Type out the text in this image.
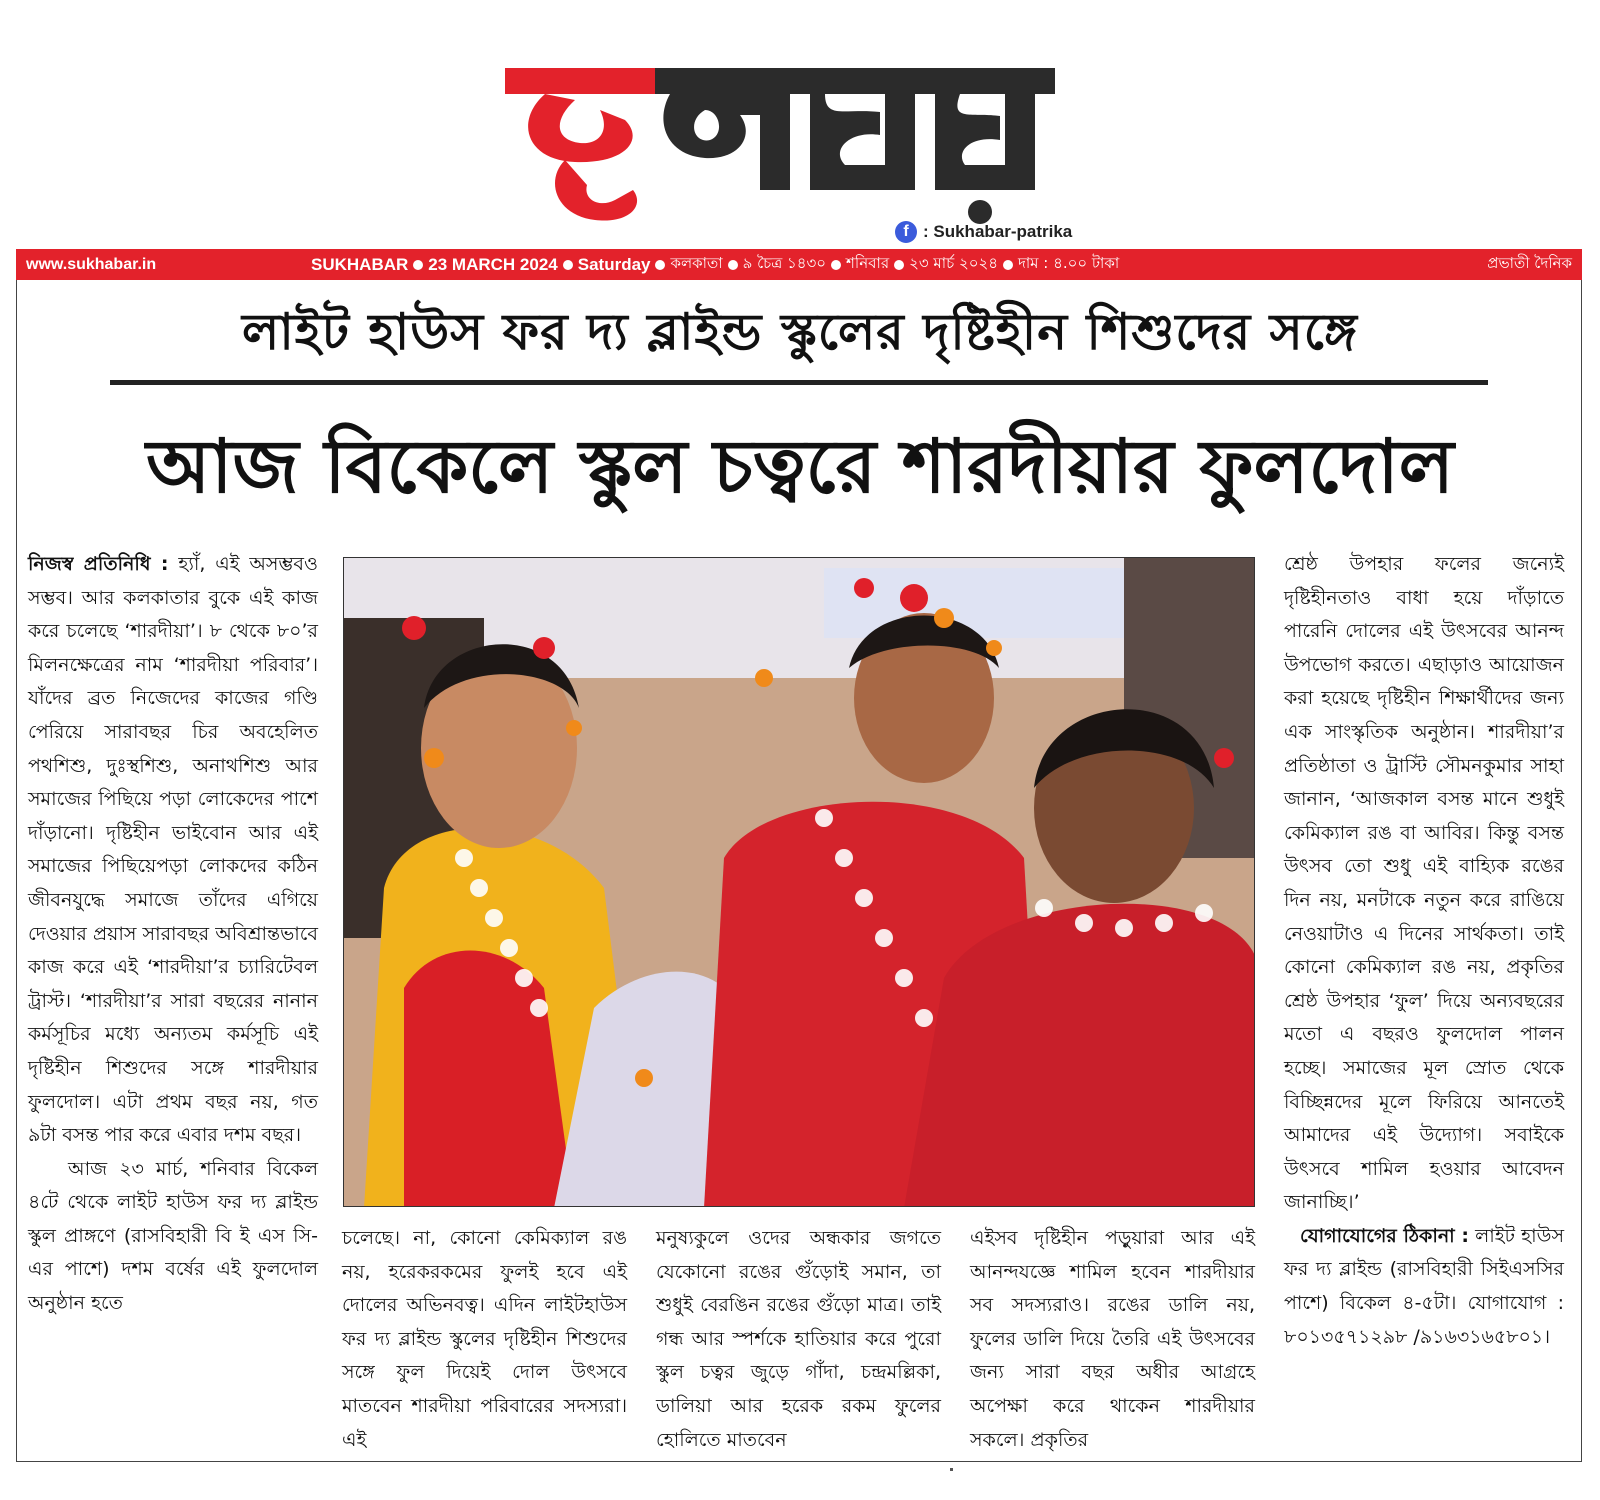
f : Sukhabar-patrika
www.sukhabar.in	SUKHABAR 23 MARCH 2024 Saturday কলকাতা ৯ চৈত্র ১৪৩০ শনিবার ২৩ মার্চ ২০২৪ দাম : ৪.০০ টাকা	প্রভাতী দৈনিক
লাইট হাউস ফর দ্য ব্লাইন্ড স্কুলের দৃষ্টিহীন শিশুদের সঙ্গে
আজ বিকেলে স্কুল চত্বরে শারদীয়ার ফুলদোল
নিজস্ব প্রতিনিধি : হ্যাঁ, এই অসম্ভবও সম্ভব। আর কলকাতার বুকে এই কাজ করে চলেছে ‘শারদীয়া’। ৮ থেকে ৮০’র মিলনক্ষেত্রের নাম ‘শারদীয়া পরিবার’। যাঁদের ব্রত নিজেদের কাজের গণ্ডি পেরিয়ে সারাবছর চির অবহেলিত পথশিশু, দুঃস্থশিশু, অনাথশিশু আর সমাজের পিছিয়ে পড়া লোকেদের পাশে দাঁড়ানো। দৃষ্টিহীন ভাইবোন আর এই সমাজের পিছিয়েপড়া লোকদের কঠিন জীবনযুদ্ধে সমাজে তাঁদের এগিয়ে দেওয়ার প্রয়াস সারাবছর অবিশ্রান্তভাবে কাজ করে এই ‘শারদীয়া’র চ্যারিটেবল ট্রাস্ট। ‘শারদীয়া’র সারা বছরের নানান কর্মসূচির মধ্যে অন্যতম কর্মসূচি এই দৃষ্টিহীন শিশুদের সঙ্গে শারদীয়ার ফুলদোল। এটা প্রথম বছর নয়, গত ৯টা বসন্ত পার করে এবার দশম বছর।
আজ ২৩ মার্চ, শনিবার বিকেল ৪টে থেকে লাইট হাউস ফর দ্য ব্লাইন্ড স্কুল প্রাঙ্গণে (রাসবিহারী বি ই এস সি-এর পাশে) দশম বর্ষের এই ফুলদোল অনুষ্ঠান হতে
চলেছে। না, কোনো কেমিক্যাল রঙ নয়, হরেকরকমের ফুলই হবে এই দোলের অভিনবত্ব। এদিন লাইটহাউস ফর দ্য ব্লাইন্ড স্কুলের দৃষ্টিহীন শিশুদের সঙ্গে ফুল দিয়েই দোল উৎসবে মাতবেন শারদীয়া পরিবারের সদস্যরা। এই
মনুষ্যকুলে ওদের অন্ধকার জগতে যেকোনো রঙের গুঁড়োই সমান, তা শুধুই বেরঙিন রঙের গুঁড়ো মাত্র। তাই গন্ধ আর স্পর্শকে হাতিয়ার করে পুরো স্কুল চত্বর জুড়ে গাঁদা, চন্দ্রমল্লিকা, ডালিয়া আর হরেক রকম ফুলের হোলিতে মাতবেন
এইসব দৃষ্টিহীন পড়ুয়ারা আর এই আনন্দযজ্ঞে শামিল হবেন শারদীয়ার সব সদস্যরাও। রঙের ডালি নয়, ফুলের ডালি দিয়ে তৈরি এই উৎসবের জন্য সারা বছর অধীর আগ্রহে অপেক্ষা করে থাকেন শারদীয়ার সকলে। প্রকৃতির
শ্রেষ্ঠ উপহার ফলের জন্যেই দৃষ্টিহীনতাও বাধা হয়ে দাঁড়াতে পারেনি দোলের এই উৎসবের আনন্দ উপভোগ করতে। এছাড়াও আয়োজন করা হয়েছে দৃষ্টিহীন শিক্ষার্থীদের জন্য এক সাংস্কৃতিক অনুষ্ঠান। শারদীয়া’র প্রতিষ্ঠাতা ও ট্রাস্টি সৌমনকুমার সাহা জানান, ‘আজকাল বসন্ত মানে শুধুই কেমিক্যাল রঙ বা আবির। কিন্তু বসন্ত উৎসব তো শুধু এই বাহ্যিক রঙের দিন নয়, মনটাকে নতুন করে রাঙিয়ে নেওয়াটাও এ দিনের সার্থকতা। তাই কোনো কেমিক্যাল রঙ নয়, প্রকৃতির শ্রেষ্ঠ উপহার ‘ফুল’ দিয়ে অন্যবছরের মতো এ বছরও ফুলদোল পালন হচ্ছে। সমাজের মূল স্রোত থেকে বিচ্ছিন্নদের মূলে ফিরিয়ে আনতেই আমাদের এই উদ্যোগ। সবাইকে উৎসবে শামিল হওয়ার আবেদন জানাচ্ছি।’
যোগাযোগের ঠিকানা : লাইট হাউস ফর দ্য ব্লাইন্ড (রাসবিহারী সিইএসসির পাশে) বিকেল ৪-৫টা। যোগাযোগ : ৮০১৩৫৭১২৯৮ /৯১৬৩১৬৫৮০১।
